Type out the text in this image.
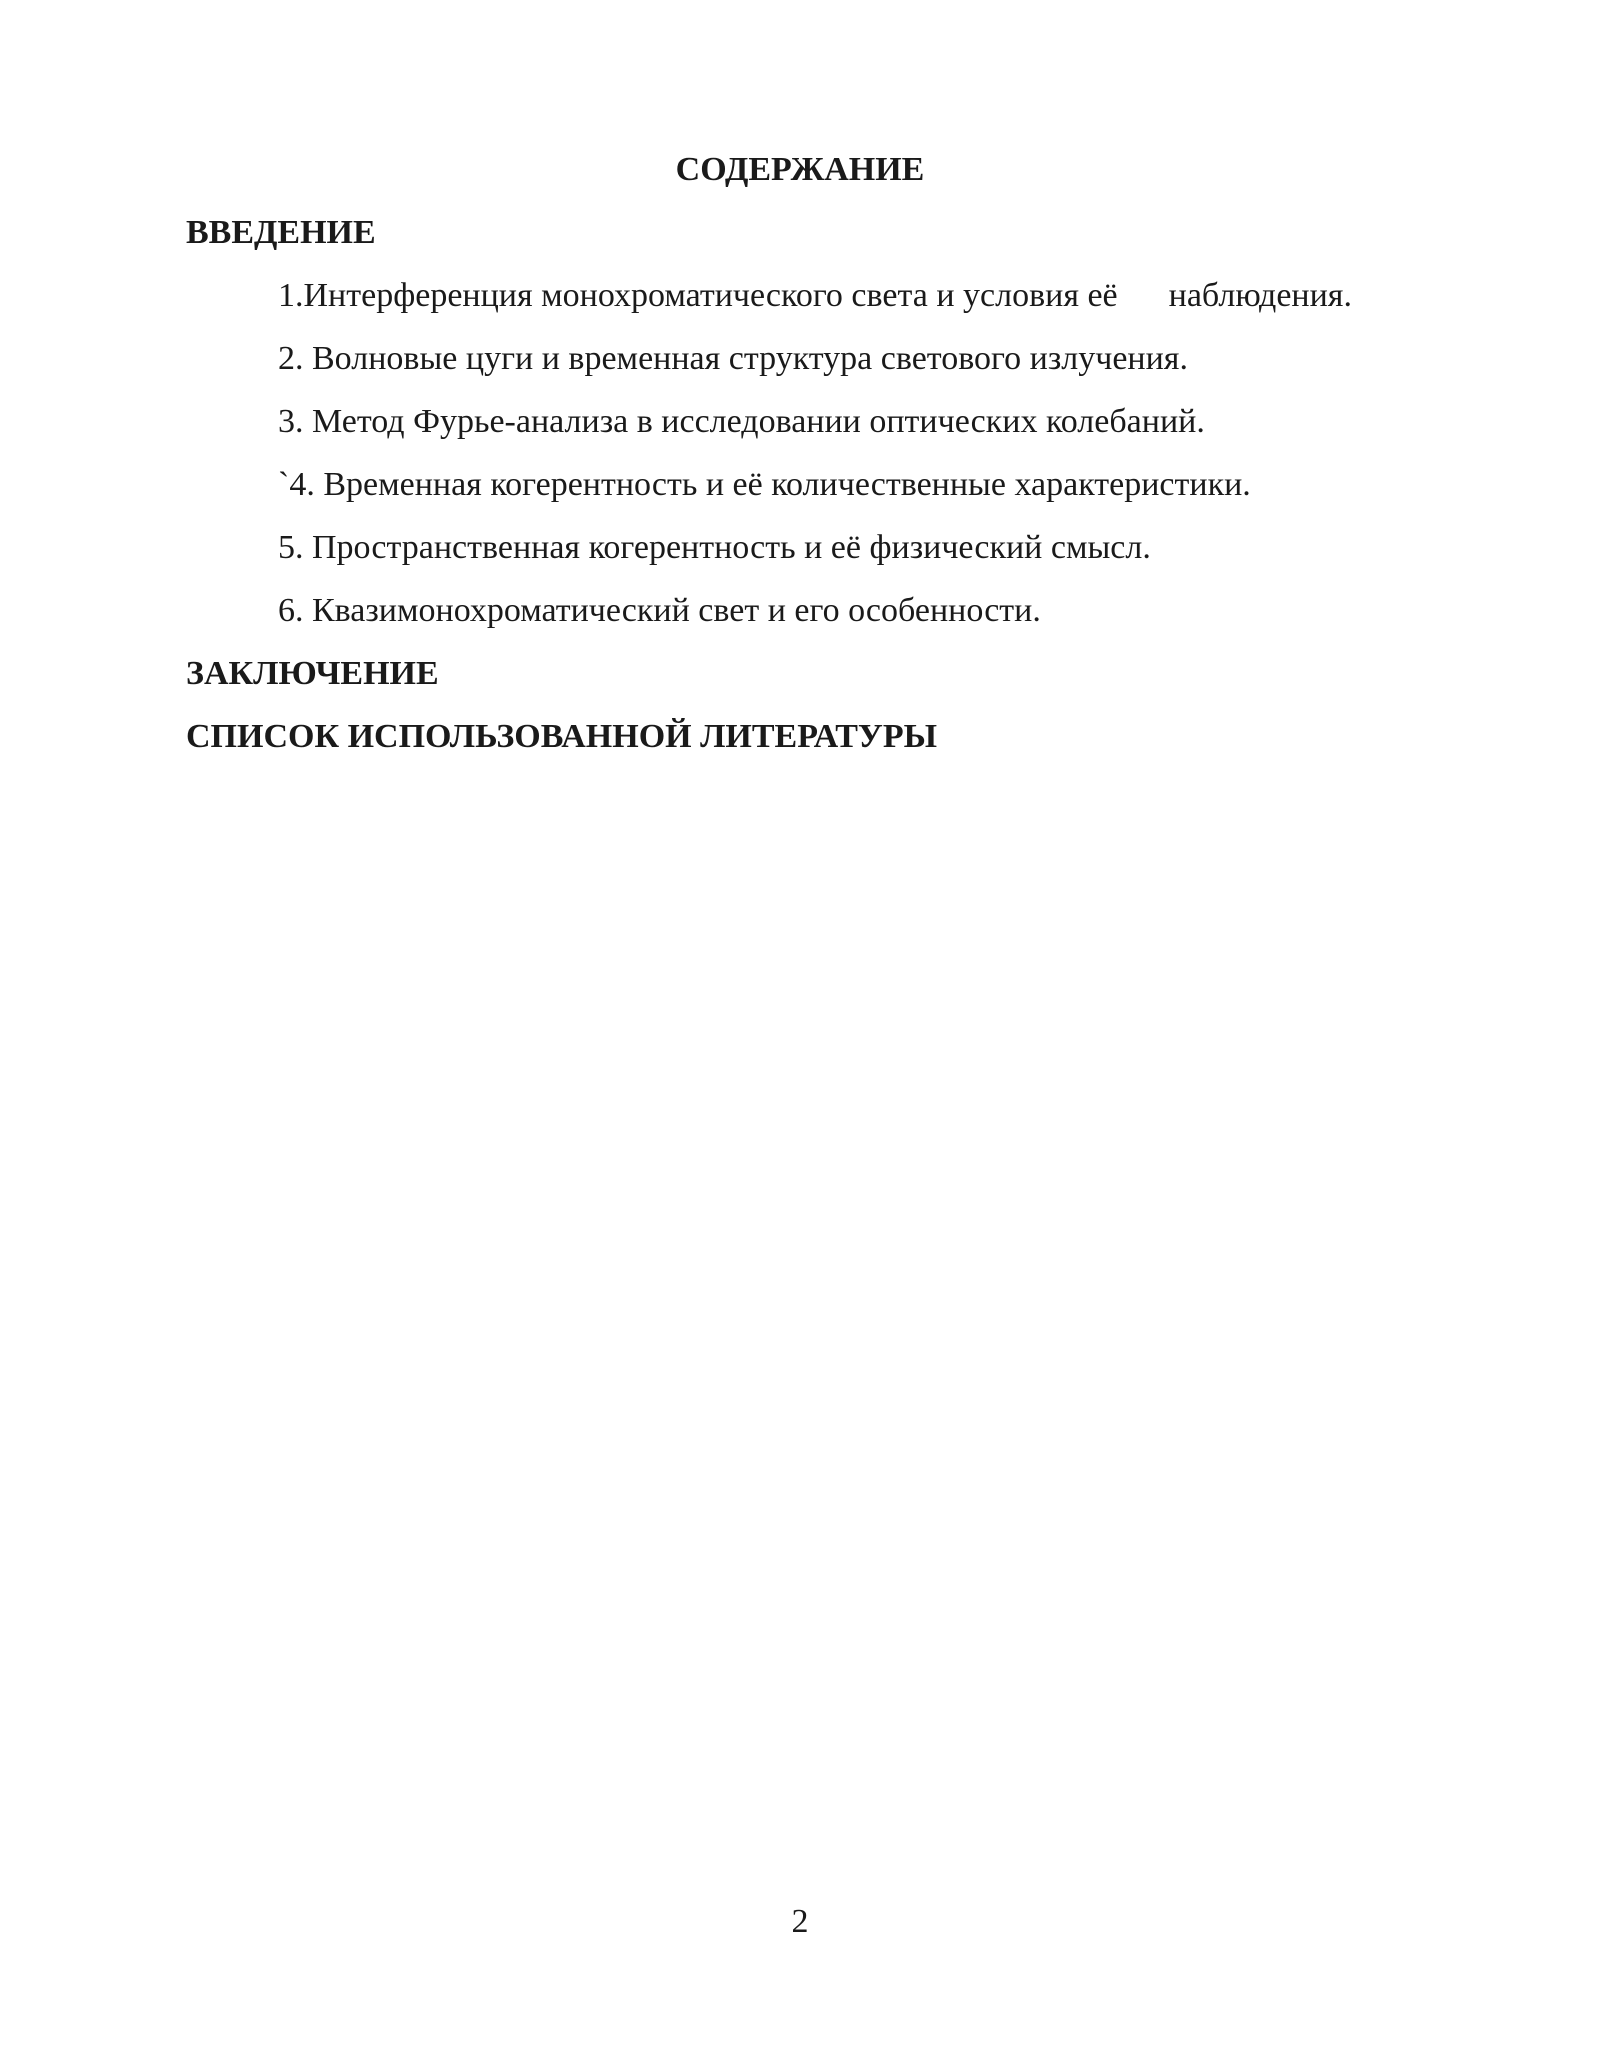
СОДЕРЖАНИЕ
ВВЕДЕНИЕ
1.Интерференция монохроматического света и условия её      наблюдения.
2. Волновые цуги и временная структура светового излучения.
3. Метод Фурье-анализа в исследовании оптических колебаний.
`4. Временная когерентность и её количественные характеристики.
5. Пространственная когерентность и её физический смысл.
6. Квазимонохроматический свет и его особенности.
ЗАКЛЮЧЕНИЕ
СПИСОК ИСПОЛЬЗОВАННОЙ ЛИТЕРАТУРЫ
2
